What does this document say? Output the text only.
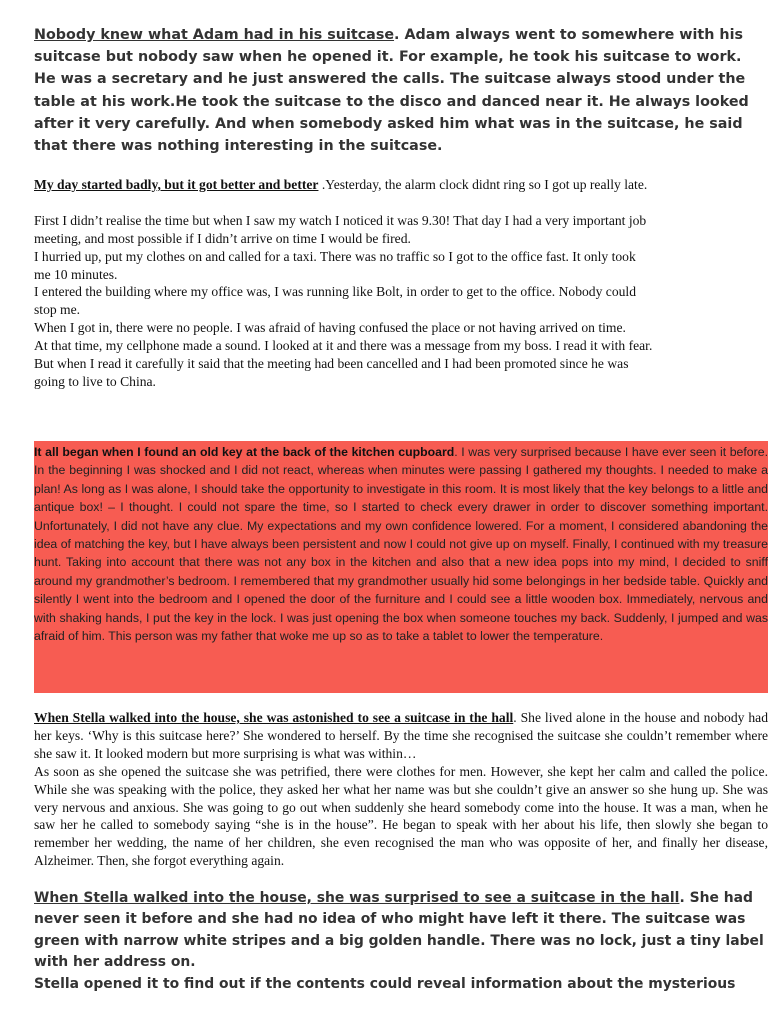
Nobody knew what Adam had in his suitcase. Adam always went to somewhere with his suitcase but nobody saw when he opened it. For example, he took his suitcase to work. He was a secretary and he just answered the calls. The suitcase always stood under the table at his work.He took the suitcase to the disco and danced near it. He always looked after it very carefully. And when somebody asked him what was in the suitcase, he said that there was nothing interesting in the suitcase.

My day started badly, but it got better and better .Yesterday, the alarm clock didnt ring so I got up really late.

First I didn’t realise the time but when I saw my watch I noticed it was 9.30! That day I had a very important job meeting, and most possible if I didn’t arrive on time I would be fired.

I hurried up, put my clothes on and called for a taxi. There was no traffic so I got to the office fast. It only took me 10 minutes.

I entered the building where my office was, I was running like Bolt, in order to get to the office. Nobody could stop me.

When I got in, there were no people. I was afraid of having confused the place or not having arrived on time.

At that time, my cellphone made a sound. I looked at it and there was a message from my boss. I read it with fear. But when I read it carefully it said that the meeting had been cancelled and I had been promoted since he was going to live to China.

It all began when I found an old key at the back of the kitchen cupboard. I was very surprised because I have ever seen it before. In the beginning I was shocked and I did not react, whereas when minutes were passing I gathered my thoughts. I needed to make a plan! As long as I was alone, I should take the opportunity to investigate in this room. It is most likely that the key belongs to a little and antique box! – I thought. I could not spare the time, so I started to check every drawer in order to discover something important. Unfortunately, I did not have any clue. My expectations and my own confidence lowered. For a moment, I considered abandoning the idea of matching the key, but I have always been persistent and now I could not give up on myself. Finally, I continued with my treasure hunt. Taking into account that there was not any box in the kitchen and also that a new idea pops into my mind, I decided to sniff around my grandmother’s bedroom. I remembered that my grandmother usually hid some belongings in her bedside table. Quickly and silently I went into the bedroom and I opened the door of the furniture and I could see a little wooden box. Immediately, nervous and with shaking hands, I put the key in the lock. I was just opening the box when someone touches my back. Suddenly, I jumped and was afraid of him. This person was my father that woke me up so as to take a tablet to lower the temperature.

When Stella walked into the house, she was astonished to see a suitcase in the hall. She lived alone in the house and nobody had her keys. ‘Why is this suitcase here?’ She wondered to herself. By the time she recognised the suitcase she couldn’t remember where she saw it. It looked modern but more surprising is what was within…

As soon as she opened the suitcase she was petrified, there were clothes for men. However, she kept her calm and called the police. While she was speaking with the police, they asked her what her name was but she couldn’t give an answer so she hung up. She was very nervous and anxious. She was going to go out when suddenly she heard somebody come into the house. It was a man, when he saw her he called to somebody saying “she is in the house”. He began to speak with her about his life, then slowly she began to remember her wedding, the name of her children, she even recognised the man who was opposite of her, and finally her disease, Alzheimer. Then, she forgot everything again.

When Stella walked into the house, she was surprised to see a suitcase in the hall. She had never seen it before and she had no idea of who might have left it there. The suitcase was green with narrow white stripes and a big golden handle. There was no lock, just a tiny label with her address on.

Stella opened it to find out if the contents could reveal information about the mysterious
